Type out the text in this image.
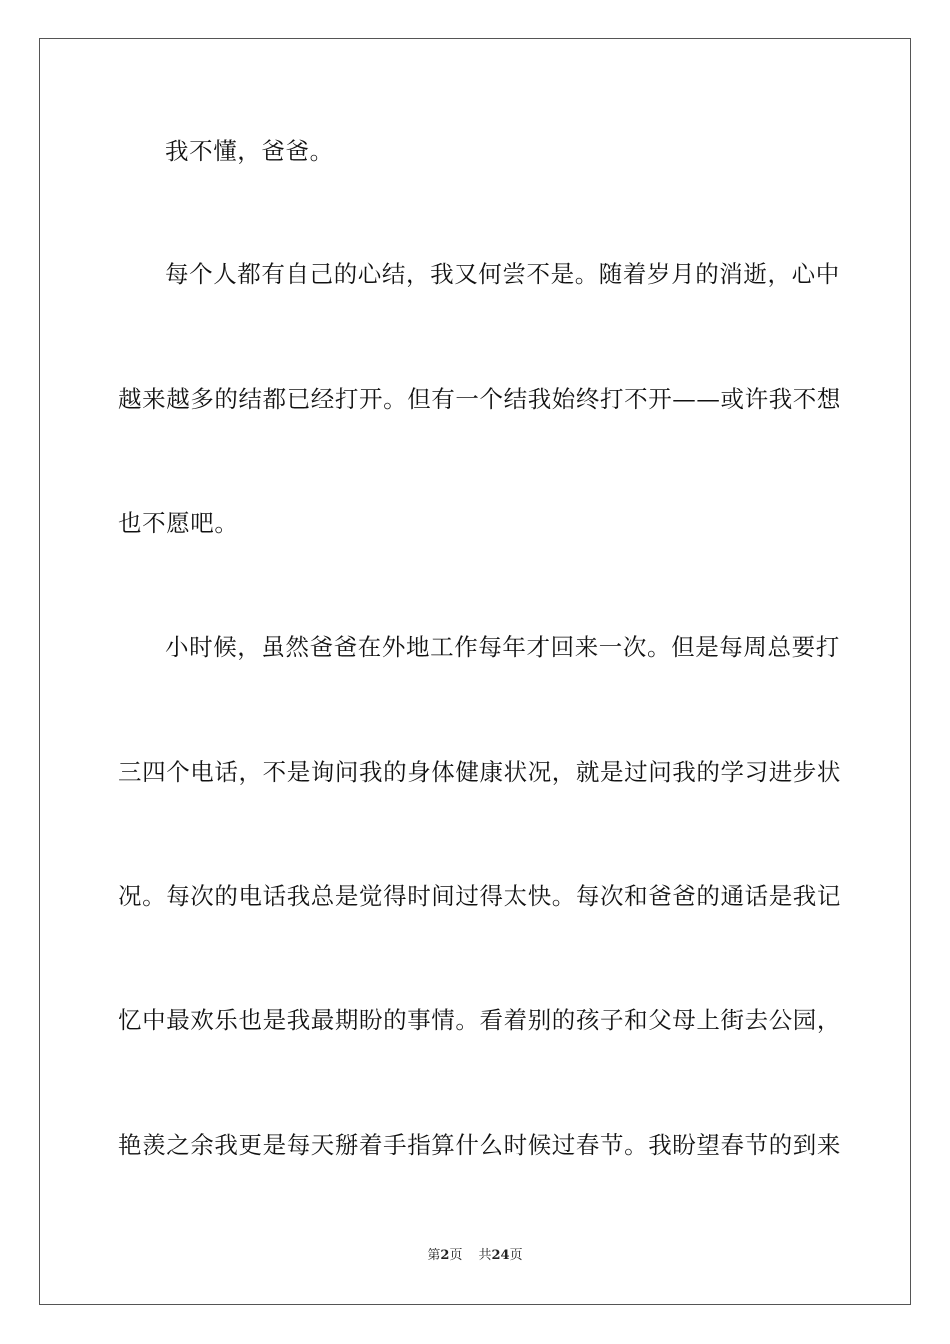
我不懂，爸爸。
每个人都有自己的心结，我又何尝不是。随着岁月的消逝，心中
越来越多的结都已经打开。但有一个结我始终打不开——或许我不想
也不愿吧。
小时候，虽然爸爸在外地工作每年才回来一次。但是每周总要打
三四个电话，不是询问我的身体健康状况，就是过问我的学习进步状
况。每次的电话我总是觉得时间过得太快。每次和爸爸的通话是我记
忆中最欢乐也是我最期盼的事情。看着别的孩子和父母上街去公园，
艳羡之余我更是每天掰着手指算什么时候过春节。我盼望春节的到来
第2页 共24页
